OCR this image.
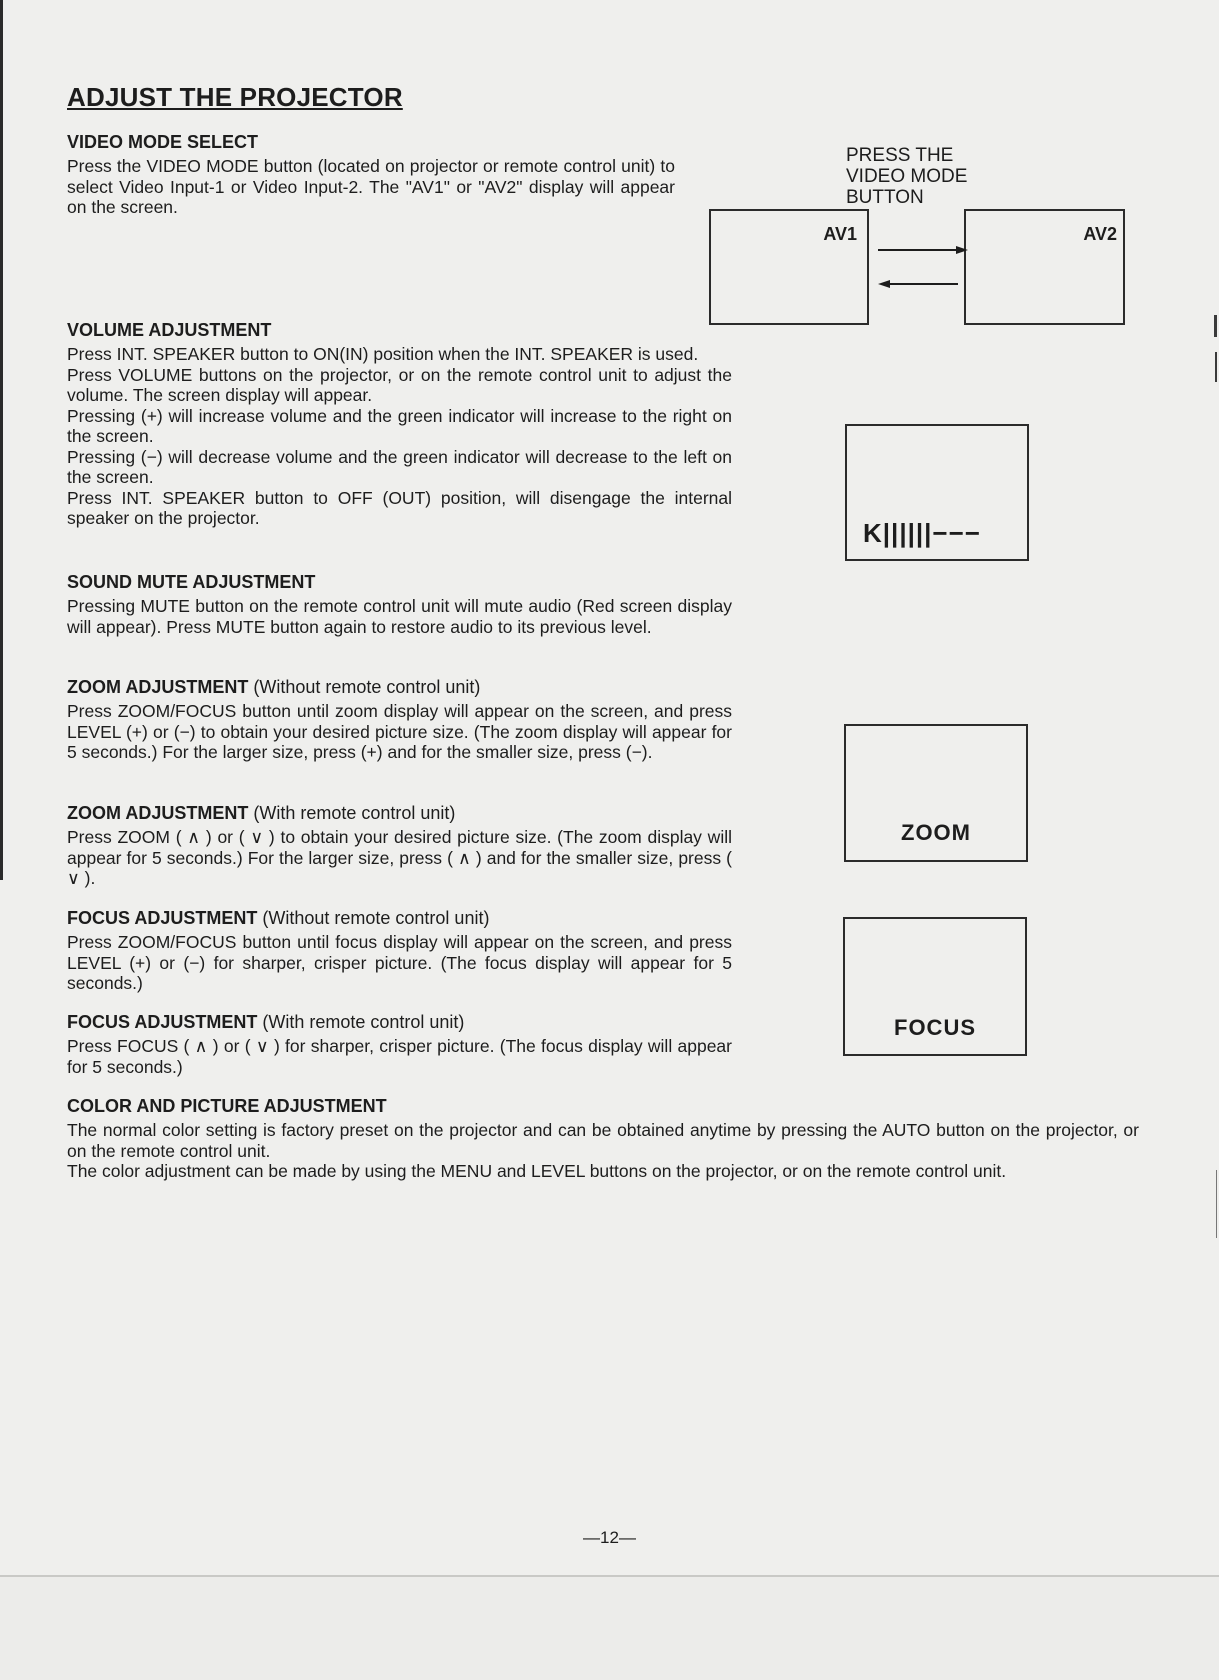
ADJUST THE PROJECTOR
VIDEO MODE SELECT

Press the VIDEO MODE button (located on projector or remote control unit) to select Video Input-1 or Video Input-2. The "AV1" or "AV2" display will appear on the screen.

PRESS THE VIDEO MODE BUTTON
AV1	AV2
VOLUME ADJUSTMENT

Press INT. SPEAKER button to ON(IN) position when the INT. SPEAKER is used.

Press VOLUME buttons on the projector, or on the remote control unit to adjust the volume. The screen display will appear.

Pressing (+) will increase volume and the green indicator will increase to the right on the screen.

Pressing (−) will decrease volume and the green indicator will decrease to the left on the screen.

Press INT. SPEAKER button to OFF (OUT) position, will disengage the internal speaker on the projector.	K||||||−−−
SOUND MUTE ADJUSTMENT

Pressing MUTE button on the remote control unit will mute audio (Red screen display will appear). Press MUTE button again to restore audio to its previous level.

ZOOM ADJUSTMENT (Without remote control unit)

Press ZOOM/FOCUS button until zoom display will appear on the screen, and press LEVEL (+) or (−) to obtain your desired picture size. (The zoom display will appear for 5 seconds.) For the larger size, press (+) and for the smaller size, press (−).

ZOOM
ZOOM ADJUSTMENT (With remote control unit)

Press ZOOM ( ∧ ) or ( ∨ ) to obtain your desired picture size. (The zoom display will appear for 5 seconds.) For the larger size, press ( ∧ ) and for the smaller size, press ( ∨ ).

FOCUS ADJUSTMENT (Without remote control unit)

Press ZOOM/FOCUS button until focus display will appear on the screen, and press LEVEL (+) or (−) for sharper, crisper picture. (The focus display will appear for 5 seconds.)

FOCUS
FOCUS ADJUSTMENT (With remote control unit)

Press FOCUS ( ∧ ) or ( ∨ ) for sharper, crisper picture. (The focus display will appear for 5 seconds.)

COLOR AND PICTURE ADJUSTMENT

The normal color setting is factory preset on the projector and can be obtained anytime by pressing the AUTO button on the projector, or on the remote control unit.

The color adjustment can be made by using the MENU and LEVEL buttons on the projector, or on the remote control unit.

—12—
